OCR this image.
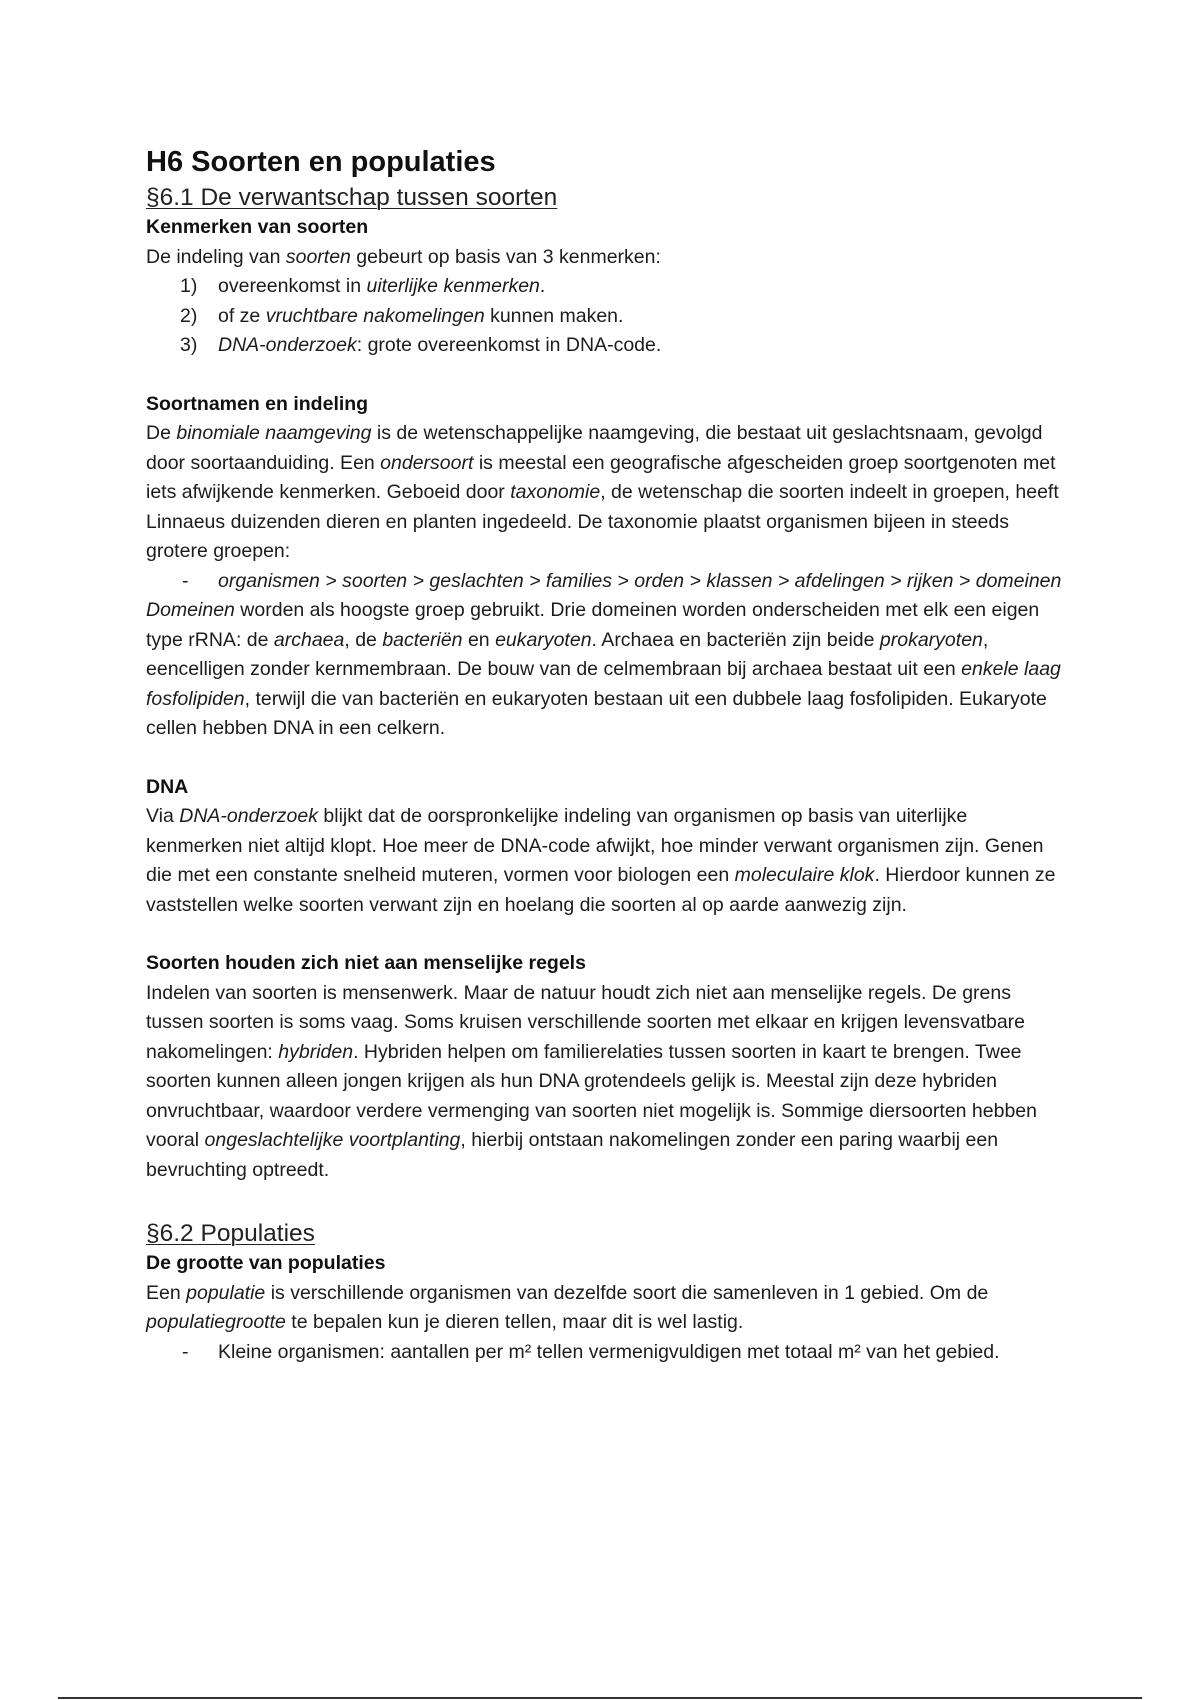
H6 Soorten en populaties
§6.1 De verwantschap tussen soorten
Kenmerken van soorten

De indeling van soorten gebeurt op basis van 3 kenmerken:

1) overeenkomst in uiterlijke kenmerken.
2) of ze vruchtbare nakomelingen kunnen maken.
3) DNA-onderzoek: grote overeenkomst in DNA-code.
Soortnamen en indeling

De binomiale naamgeving is de wetenschappelijke naamgeving, die bestaat uit geslachtsnaam, gevolgd door soortaanduiding. Een ondersoort is meestal een geografische afgescheiden groep soortgenoten met iets afwijkende kenmerken. Geboeid door taxonomie, de wetenschap die soorten indeelt in groepen, heeft Linnaeus duizenden dieren en planten ingedeeld. De taxonomie plaatst organismen bijeen in steeds grotere groepen:

- organismen > soorten > geslachten > families > orden > klassen > afdelingen > rijken > domeinen

Domeinen worden als hoogste groep gebruikt. Drie domeinen worden onderscheiden met elk een eigen type rRNA: de archaea, de bacteriën en eukaryoten. Archaea en bacteriën zijn beide prokaryoten, eencelligen zonder kernmembraan. De bouw van de celmembraan bij archaea bestaat uit een enkele laag fosfolipiden, terwijl die van bacteriën en eukaryoten bestaan uit een dubbele laag fosfolipiden. Eukaryote cellen hebben DNA in een celkern.

DNA

Via DNA-onderzoek blijkt dat de oorspronkelijke indeling van organismen op basis van uiterlijke kenmerken niet altijd klopt. Hoe meer de DNA-code afwijkt, hoe minder verwant organismen zijn. Genen die met een constante snelheid muteren, vormen voor biologen een moleculaire klok. Hierdoor kunnen ze vaststellen welke soorten verwant zijn en hoelang die soorten al op aarde aanwezig zijn.

Soorten houden zich niet aan menselijke regels

Indelen van soorten is mensenwerk. Maar de natuur houdt zich niet aan menselijke regels. De grens tussen soorten is soms vaag. Soms kruisen verschillende soorten met elkaar en krijgen levensvatbare nakomelingen: hybriden. Hybriden helpen om familierelaties tussen soorten in kaart te brengen. Twee soorten kunnen alleen jongen krijgen als hun DNA grotendeels gelijk is. Meestal zijn deze hybriden onvruchtbaar, waardoor verdere vermenging van soorten niet mogelijk is. Sommige diersoorten hebben vooral ongeslachtelijke voortplanting, hierbij ontstaan nakomelingen zonder een paring waarbij een bevruchting optreedt.

§6.2 Populaties
De grootte van populaties

Een populatie is verschillende organismen van dezelfde soort die samenleven in 1 gebied. Om de populatiegrootte te bepalen kun je dieren tellen, maar dit is wel lastig.

- Kleine organismen: aantallen per m² tellen vermenigvuldigen met totaal m² van het gebied.
